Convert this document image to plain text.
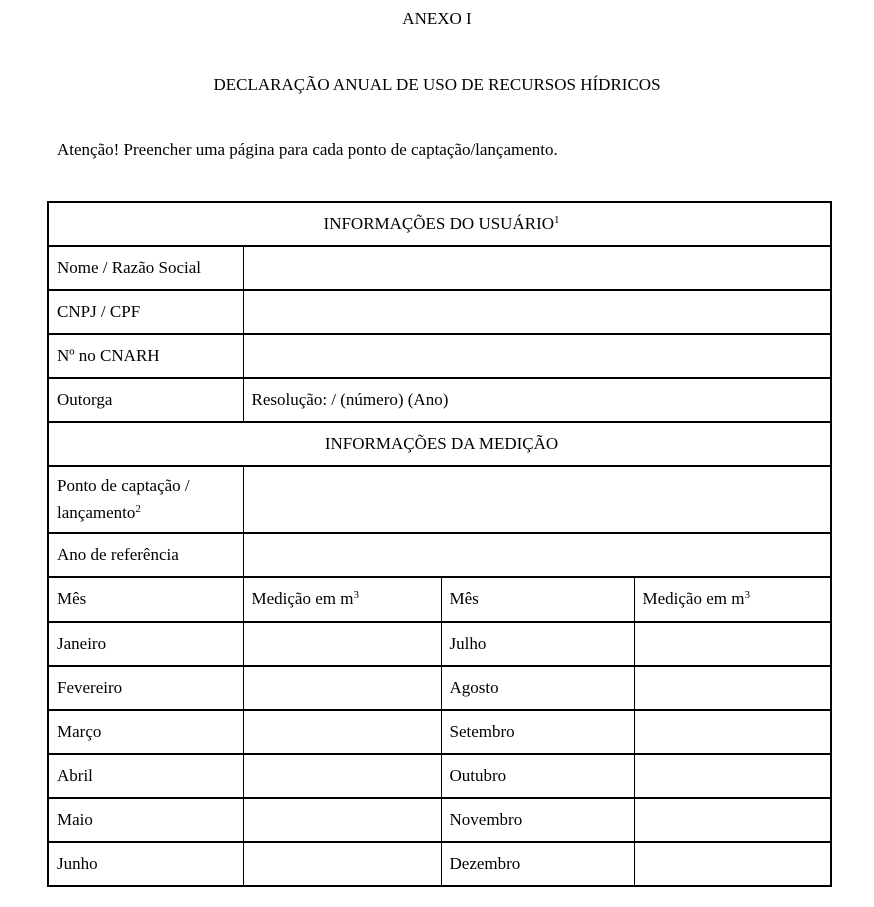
ANEXO I

DECLARAÇÃO ANUAL DE USO DE RECURSOS HÍDRICOS

Atenção! Preencher uma página para cada ponto de captação/lançamento.

INFORMAÇÕES DO USUÁRIO$^1$
Nome / Razão Social			
CNPJ / CPF			
Nº no CNARH			
Outorga	Resolução: / (número) (Ano)		
INFORMAÇÕES DA MEDIÇÃO			
Ponto de captação / lançamento$^2$	
Ano de referência			
Mês	Medição em $m^3$	Mês	Medição em $m^3$
Janeiro		Julho	
Fevereiro		Agosto	
Março		Setembro	
Abril		Outubro	
Maio		Novembro	
Junho		Dezembro	
